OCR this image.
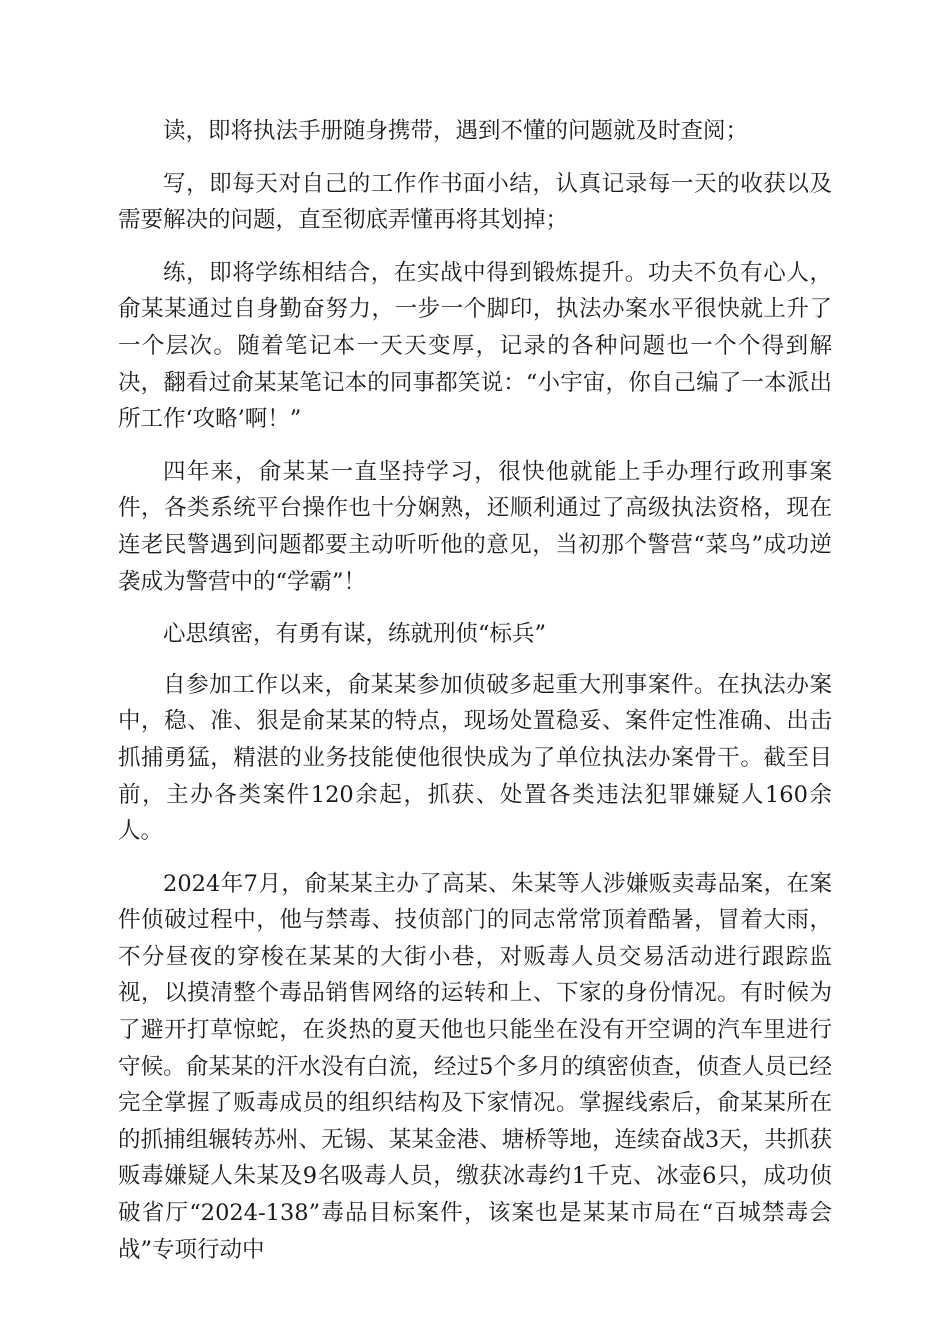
读，即将执法手册随身携带，遇到不懂的问题就及时查阅；

写，即每天对自己的工作作书面小结，认真记录每一天的收获以及需要解决的问题，直至彻底弄懂再将其划掉；

练，即将学练相结合，在实战中得到锻炼提升。功夫不负有心人，俞某某通过自身勤奋努力，一步一个脚印，执法办案水平很快就上升了一个层次。随着笔记本一天天变厚，记录的各种问题也一个个得到解决，翻看过俞某某笔记本的同事都笑说：“小宇宙，你自己编了一本派出所工作‘攻略’啊！”

四年来，俞某某一直坚持学习，很快他就能上手办理行政刑事案件，各类系统平台操作也十分娴熟，还顺利通过了高级执法资格，现在连老民警遇到问题都要主动听听他的意见，当初那个警营“菜鸟”成功逆袭成为警营中的“学霸”！

心思缜密，有勇有谋，练就刑侦“标兵”

自参加工作以来，俞某某参加侦破多起重大刑事案件。在执法办案中，稳、准、狠是俞某某的特点，现场处置稳妥、案件定性准确、出击抓捕勇猛，精湛的业务技能使他很快成为了单位执法办案骨干。截至目前，主办各类案件120余起，抓获、处置各类违法犯罪嫌疑人160余人。

2024年7月，俞某某主办了高某、朱某等人涉嫌贩卖毒品案，在案件侦破过程中，他与禁毒、技侦部门的同志常常顶着酷暑，冒着大雨，不分昼夜的穿梭在某某的大街小巷，对贩毒人员交易活动进行跟踪监视，以摸清整个毒品销售网络的运转和上、下家的身份情况。有时候为了避开打草惊蛇，在炎热的夏天他也只能坐在没有开空调的汽车里进行守候。俞某某的汗水没有白流，经过5个多月的缜密侦查，侦查人员已经完全掌握了贩毒成员的组织结构及下家情况。掌握线索后，俞某某所在的抓捕组辗转苏州、无锡、某某金港、塘桥等地，连续奋战3天，共抓获贩毒嫌疑人朱某及9名吸毒人员，缴获冰毒约1千克、冰壶6只，成功侦破省厅“2024-138”毒品目标案件，该案也是某某市局在“百城禁毒会战”专项行动中
